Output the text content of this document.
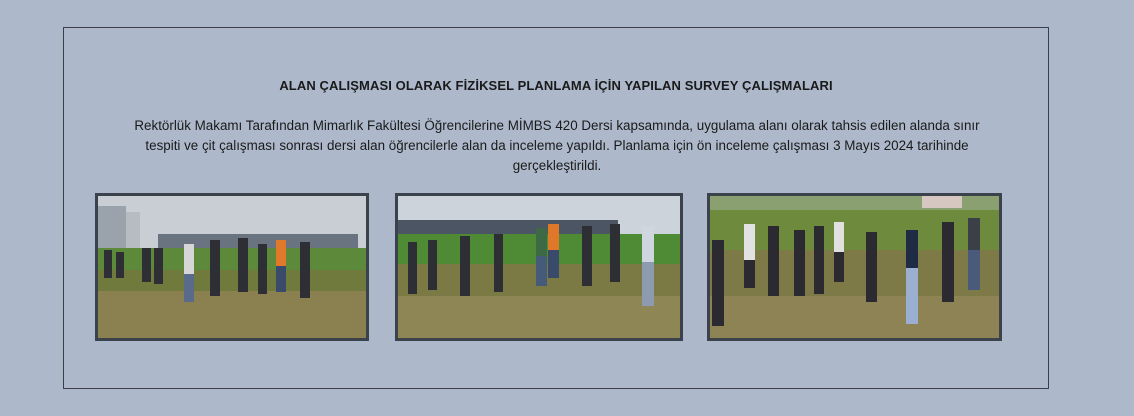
ALAN ÇALIŞMASI OLARAK FİZİKSEL PLANLAMA İÇİN YAPILAN SURVEY ÇALIŞMALARI
Rektörlük Makamı Tarafından Mimarlık Fakültesi Öğrencilerine MİMBS 420 Dersi kapsamında, uygulama alanı olarak tahsis edilen alanda sınır
tespiti ve çit çalışması sonrası dersi alan öğrencilerle alan da inceleme yapıldı. Planlama için ön inceleme çalışması 3 Mayıs 2024 tarihinde
gerçekleştirildi.
